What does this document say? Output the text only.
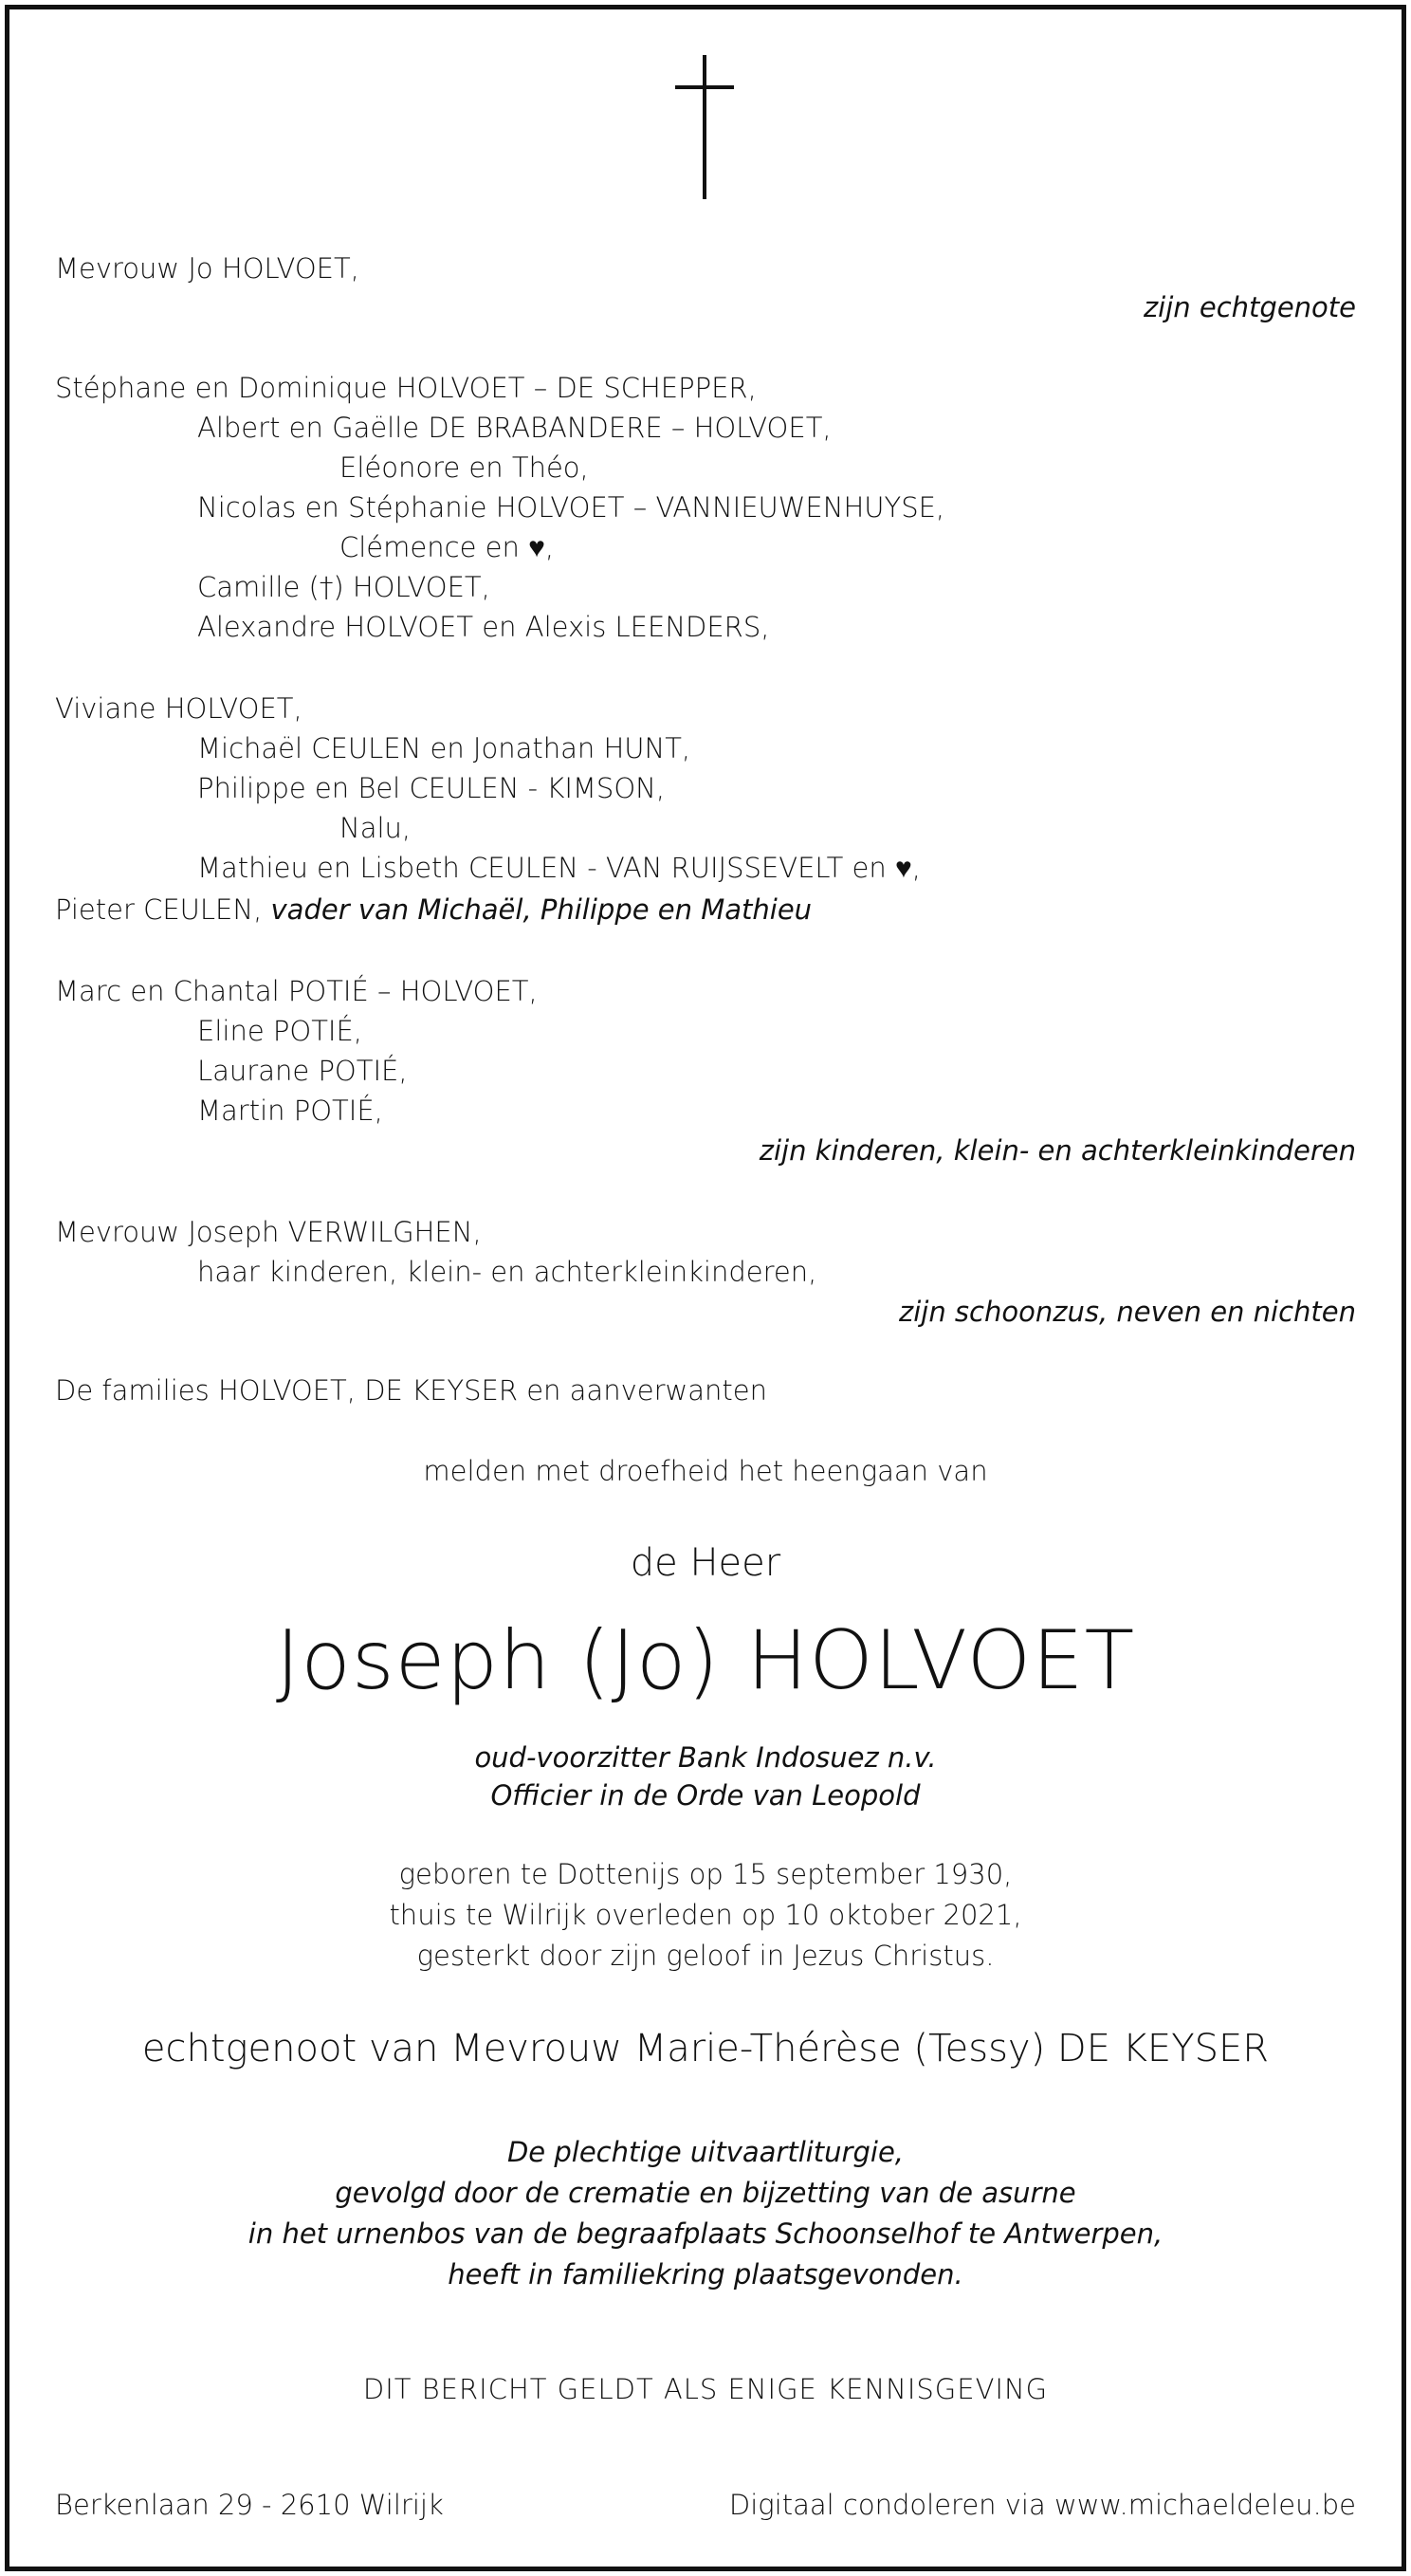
Mevrouw Jo HOLVOET,
zijn echtgenote
Stéphane en Dominique HOLVOET – DE SCHEPPER,
Albert en Gaëlle DE BRABANDERE – HOLVOET,
Eléonore en Théo,
Nicolas en Stéphanie HOLVOET – VANNIEUWENHUYSE,
Clémence en ♥,
Camille (†) HOLVOET,
Alexandre HOLVOET en Alexis LEENDERS,
Viviane HOLVOET,
Michaël CEULEN en Jonathan HUNT,
Philippe en Bel CEULEN - KIMSON,
Nalu,
Mathieu en Lisbeth CEULEN - VAN RUIJSSEVELT en ♥,
Pieter CEULEN, vader van Michaël, Philippe en Mathieu
Marc en Chantal POTIÉ – HOLVOET,
Eline POTIÉ,
Laurane POTIÉ,
Martin POTIÉ,
zijn kinderen, klein- en achterkleinkinderen
Mevrouw Joseph VERWILGHEN,
haar kinderen, klein- en achterkleinkinderen,
zijn schoonzus, neven en nichten
De families HOLVOET, DE KEYSER en aanverwanten
melden met droefheid het heengaan van
de Heer
Joseph (Jo) HOLVOET
oud-voorzitter Bank Indosuez n.v.
Officier in de Orde van Leopold
geboren te Dottenijs op 15 september 1930,
thuis te Wilrijk overleden op 10 oktober 2021,
gesterkt door zijn geloof in Jezus Christus.
echtgenoot van Mevrouw Marie-Thérèse (Tessy) DE KEYSER
De plechtige uitvaartliturgie,
gevolgd door de crematie en bijzetting van de asurne
in het urnenbos van de begraafplaats Schoonselhof te Antwerpen,
heeft in familiekring plaatsgevonden.
DIT BERICHT GELDT ALS ENIGE KENNISGEVING
Berkenlaan 29 - 2610 Wilrijk	Digitaal condoleren via www.michaeldeleu.be
